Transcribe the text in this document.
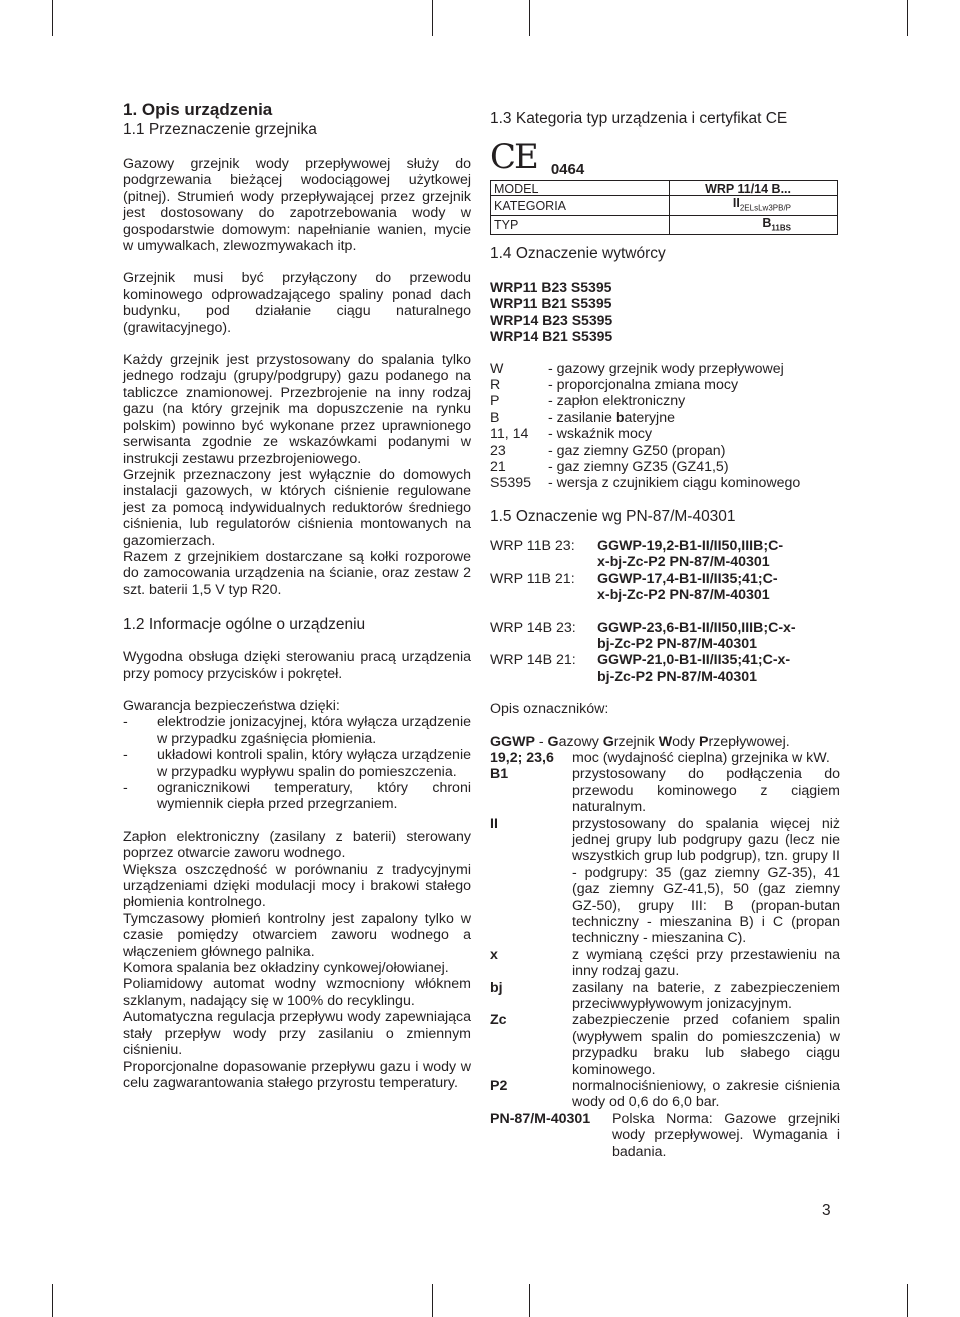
1. Opis urządzenia
1.1 Przeznaczenie grzejnika

Gazowy grzejnik wody przepływowej służy do podgrzewania bieżącej wodociągowej użytkowej (pitnej). Strumień wody przepływającej przez grzejnik jest dostosowany do zapotrzebowania wody w gospodarstwie domowym: napełnianie wanien, mycie w umywalkach, zlewozmywakach itp.

Grzejnik musi być przyłączony do przewodu kominowego odprowadzającego spaliny ponad dach budynku, pod działanie ciągu naturalnego (grawitacyjnego).

Każdy grzejnik jest przystosowany do spalania tylko jednego rodzaju (grupy/podgrupy) gazu podanego na tabliczce znamionowej. Przezbrojenie na inny rodzaj gazu (na który grzejnik ma dopuszczenie na rynku polskim) powinno być wykonane przez uprawnionego serwisanta zgodnie ze wskazówkami podanymi w instrukcji zestawu przezbrojeniowego.

Grzejnik przeznaczony jest wyłącznie do domowych instalacji gazowych, w których ciśnienie regulowane jest za pomocą indywidualnych reduktorów średniego ciśnienia, lub regulatorów ciśnienia montowanych na gazomierzach.

Razem z grzejnikiem dostarczane są kołki rozporowe do zamocowania urządzenia na ścianie, oraz zestaw 2 szt. baterii 1,5 V typ R20.

1.2 Informacje ogólne o urządzeniu

Wygodna obsługa dzięki sterowaniu pracą urządzenia przy pomocy przycisków i pokręteł.

Gwarancja bezpieczeństwa dzięki:

-	elektrodzie jonizacyjnej, która wyłącza urządzenie w przypadku zgaśnięcia płomienia.
-	układowi kontroli spalin, który wyłącza urządzenie w przypadku wypływu spalin do pomieszczenia.
-	ogranicznikowi temperatury, który chroni wymiennik ciepła przed przegrzaniem.

Zapłon elektroniczny (zasilany z baterii) sterowany poprzez otwarcie zaworu wodnego.

Większa oszczędność w porównaniu z tradycyjnymi urządzeniami dzięki modulacji mocy i brakowi stałego płomienia kontrolnego.

Tymczasowy płomień kontrolny jest zapalony tylko w czasie pomiędzy otwarciem zaworu wodnego a włączeniem głównego palnika.

Komora spalania bez okładziny cynkowej/ołowianej.

Poliamidowy automat wodny wzmocniony włóknem szklanym, nadający się w 100% do recyklingu.

Automatyczna regulacja przepływu wody zapewniająca stały przepływ wody przy zasilaniu o zmiennym ciśnieniu.

Proporcjonalne dopasowanie przepływu gazu i wody w celu zagwarantowania stałego przyrostu temperatury.

1.3 Kategoria typ urządzenia i certyfikat CE
CE 0464
MODEL	WRP 11/14 B...
KATEGORIA	$II_{2ELsLw3PB/P}$
TYP	$B_{11BS}$
1.4 Oznaczenie wytwórcy

WRP11 B23 S5395

WRP11 B21 S5395

WRP14 B23 S5395

WRP14 B21 S5395

W	- gazowy grzejnik wody przepływowej
R	- proporcjonalna zmiana mocy
P	- zapłon elektroniczny
B	- zasilanie bateryjne
11, 14	- wskaźnik mocy
23	- gaz ziemny GZ50 (propan)
21	- gaz ziemny GZ35 (GZ41,5)
S5395	- wersja z czujnikiem ciągu kominowego
1.5 Oznaczenie wg PN-87/M-40301
WRP 11B 23:	GGWP-19,2-B1-II/II50,IIIB;C-
x-bj-Zc-P2 PN-87/M-40301
WRP 11B 21:	GGWP-17,4-B1-II/II35;41;C-
x-bj-Zc-P2 PN-87/M-40301
WRP 14B 23:	GGWP-23,6-B1-II/II50,IIIB;C-x-
bj-Zc-P2 PN-87/M-40301
WRP 14B 21:	GGWP-21,0-B1-II/II35;41;C-x-
bj-Zc-P2 PN-87/M-40301

Opis oznaczników:

GGWP - Gazowy Grzejnik Wody Przepływowej.

19,2; 23,6	moc (wydajność cieplna) grzejnika w kW.
B1	przystosowany do podłączenia do przewodu kominowego z ciągiem naturalnym.
II	przystosowany do spalania więcej niż jednej grupy lub podgrupy gazu (lecz nie wszystkich grup lub podgrup), tzn. grupy II - podgrupy: 35 (gaz ziemny GZ-35), 41 (gaz ziemny GZ-41,5), 50 (gaz ziemny GZ-50), grupy III: B (propan-butan techniczny - mieszanina B) i C (propan techniczny - mieszanina C).
x	z wymianą części przy przestawieniu na inny rodzaj gazu.
bj	zasilany na baterie, z zabezpieczeniem przeciwwypływowym jonizacyjnym.
Zc	zabezpieczenie przed cofaniem spalin (wypływem spalin do pomieszczenia) w przypadku braku lub słabego ciągu kominowego.
P2	normalnociśnieniowy, o zakresie ciśnienia wody od 0,6 do 6,0 bar.
PN-87/M-40301	Polska Norma: Gazowe grzejniki wody przepływowej. Wymagania i badania.
3
